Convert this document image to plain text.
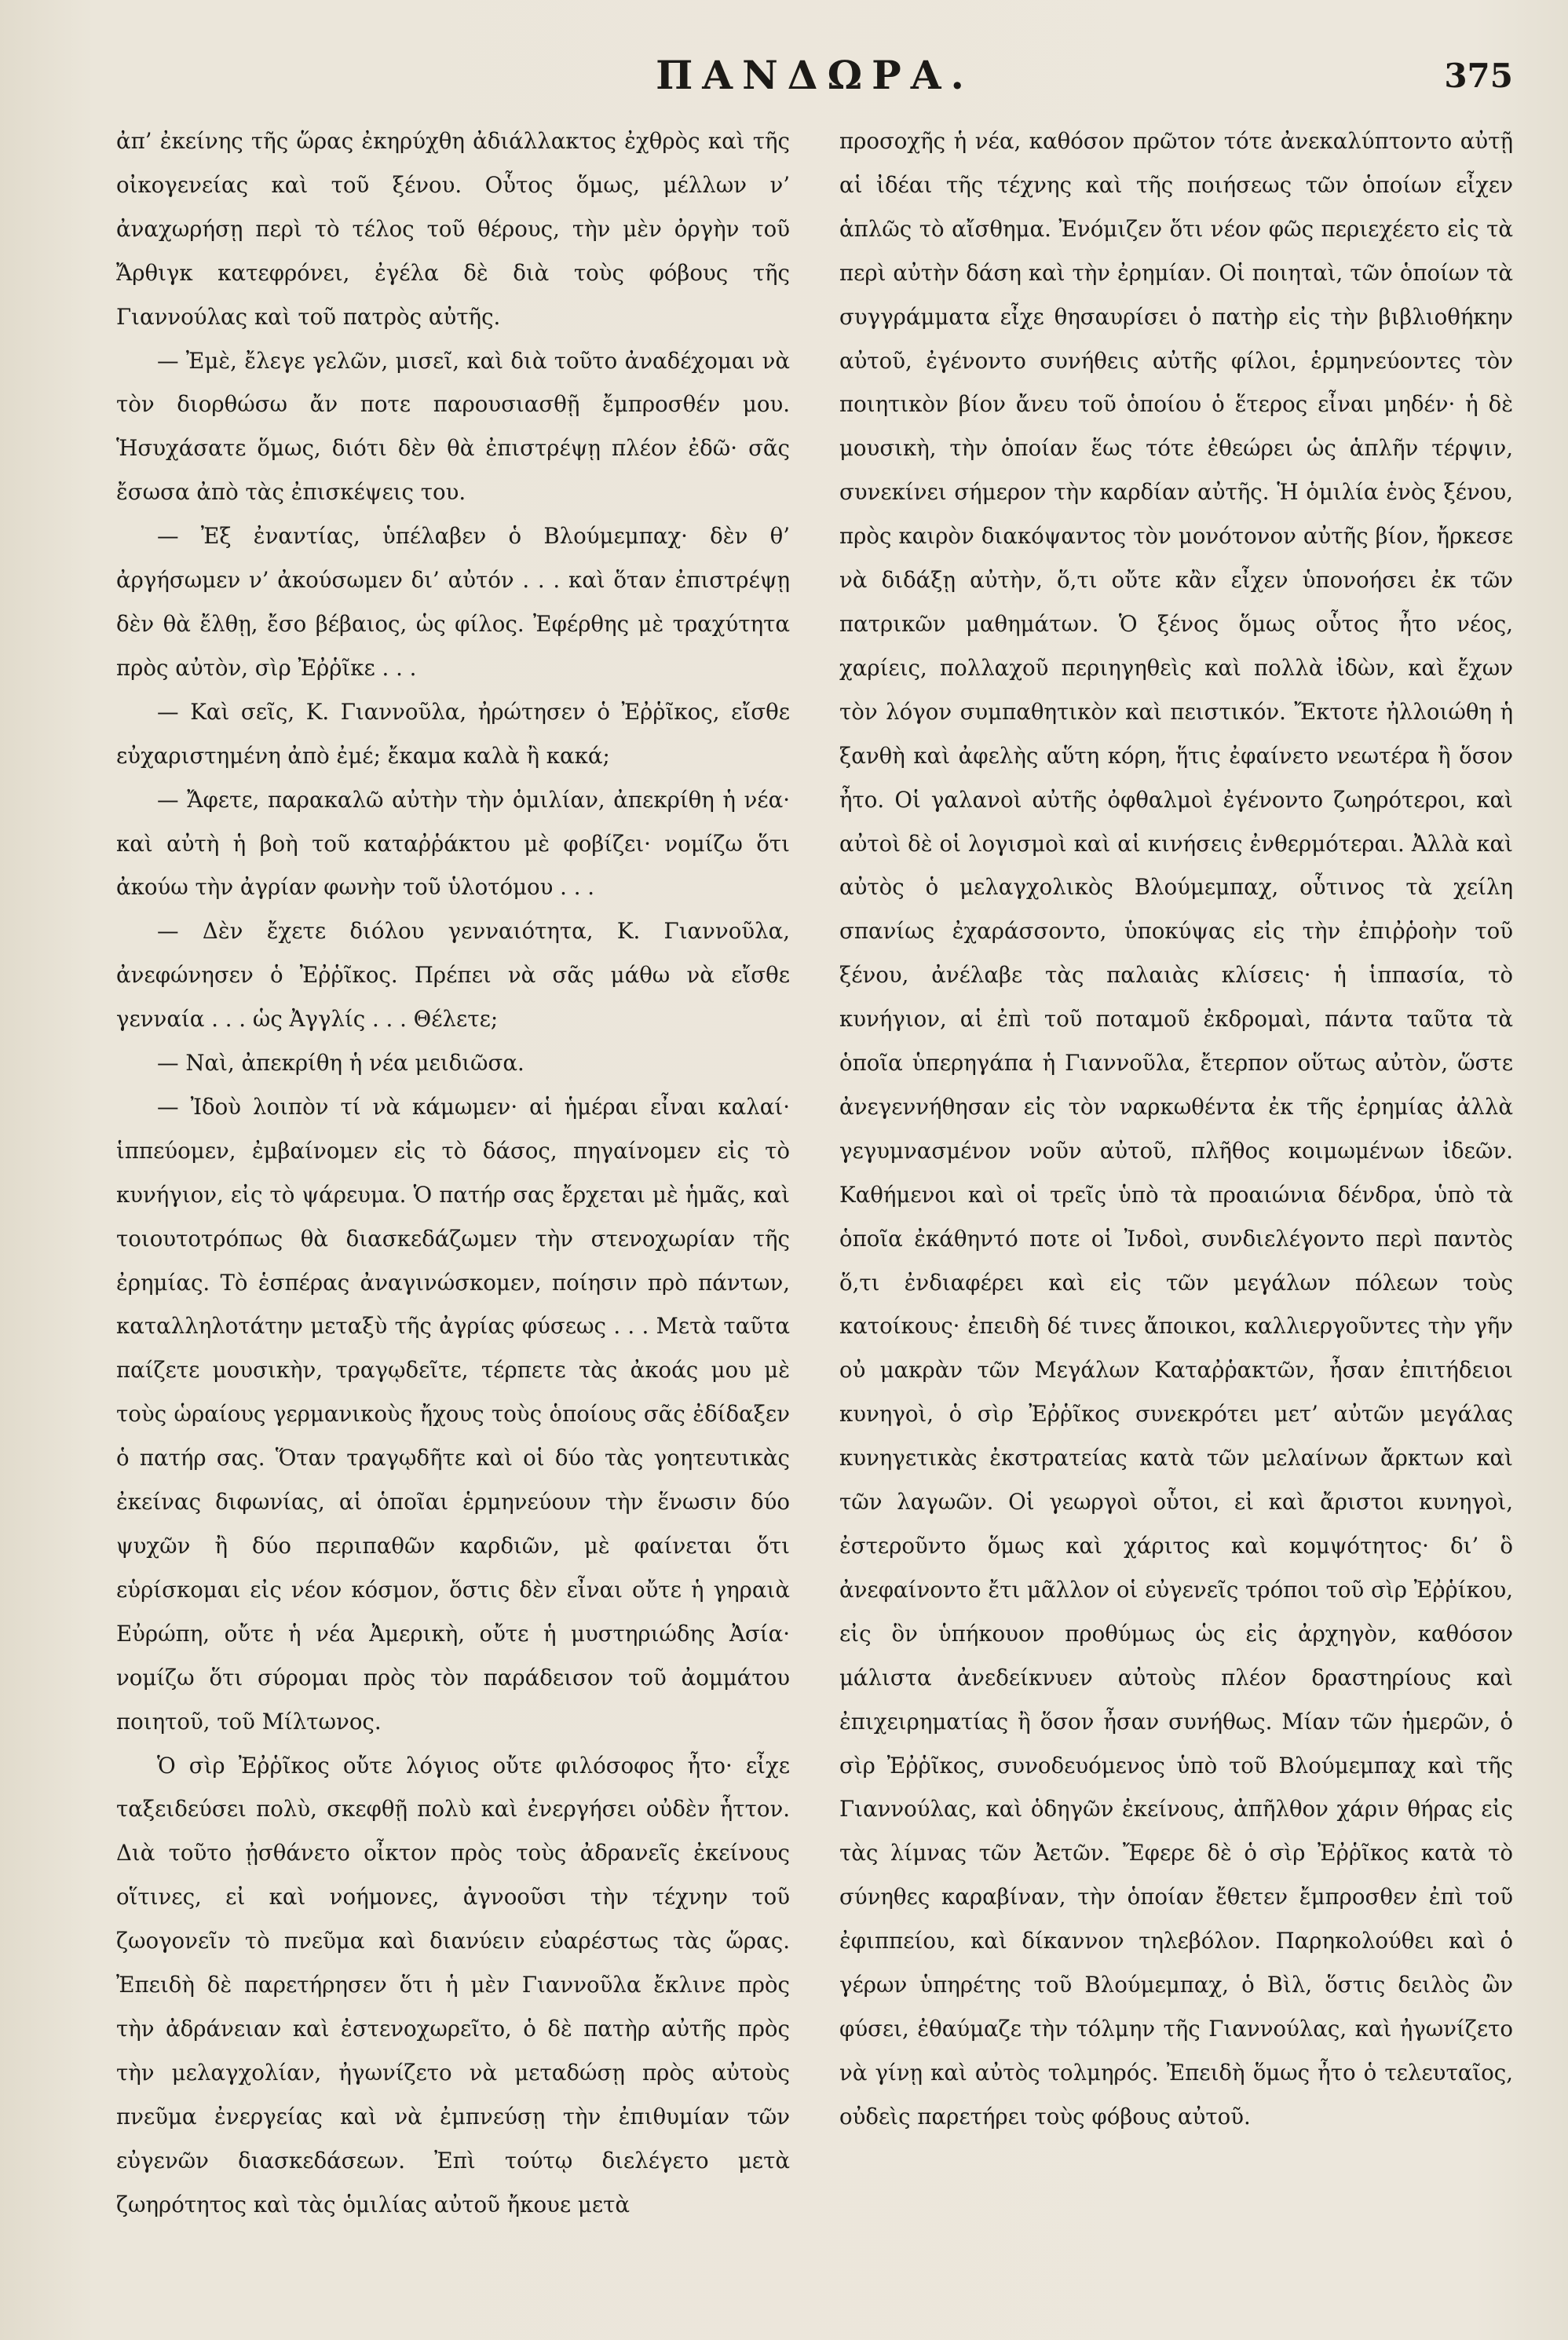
ΠΑΝΔΩΡΑ.	375

ἀπ’ ἐκείνης τῆς ὥρας ἐκηρύχθη ἀδιάλλακτος ἐχθρὸς καὶ τῆς οἰκογενείας καὶ τοῦ ξένου. Οὗτος ὅμως, μέλλων ν’ ἀναχωρήσῃ περὶ τὸ τέλος τοῦ θέρους, τὴν μὲν ὀργὴν τοῦ Ἄρθιγκ κατεφρόνει, ἐγέλα δὲ διὰ τοὺς φόβους τῆς Γιαννούλας καὶ τοῦ πατρὸς αὐτῆς.

— Ἐμὲ, ἔλεγε γελῶν, μισεῖ, καὶ διὰ τοῦτο ἀναδέχομαι νὰ τὸν διορθώσω ἄν ποτε παρουσιασθῇ ἔμπροσθέν μου. Ἡσυχάσατε ὅμως, διότι δὲν θὰ ἐπιστρέψῃ πλέον ἐδῶ· σᾶς ἔσωσα ἀπὸ τὰς ἐπισκέψεις του.

— Ἐξ ἐναντίας, ὑπέλαβεν ὁ Βλούμεμπαχ· δὲν θ’ ἀργήσωμεν ν’ ἀκούσωμεν δι’ αὐτόν . . . καὶ ὅταν ἐπιστρέψῃ δὲν θὰ ἔλθῃ, ἔσο βέβαιος, ὡς φίλος. Ἐφέρθης μὲ τραχύτητα πρὸς αὐτὸν, σὶρ Ἐῤῥῖκε . . .

— Καὶ σεῖς, Κ. Γιαννοῦλα, ἠρώτησεν ὁ Ἐῤῥῖκος, εἴσθε εὐχαριστημένη ἀπὸ ἐμέ; ἔκαμα καλὰ ἢ κακά;

— Ἄφετε, παρακαλῶ αὐτὴν τὴν ὁμιλίαν, ἀπεκρίθη ἡ νέα· καὶ αὐτὴ ἡ βοὴ τοῦ καταῤῥάκτου μὲ φοβίζει· νομίζω ὅτι ἀκούω τὴν ἀγρίαν φωνὴν τοῦ ὑλοτόμου . . .

— Δὲν ἔχετε διόλου γενναιότητα, Κ. Γιαννοῦλα, ἀνεφώνησεν ὁ Ἐῤῥῖκος. Πρέπει νὰ σᾶς μάθω νὰ εἴσθε γενναία . . . ὡς Ἀγγλίς . . . Θέλετε;

— Ναὶ, ἀπεκρίθη ἡ νέα μειδιῶσα.

— Ἰδοὺ λοιπὸν τί νὰ κάμωμεν· αἱ ἡμέραι εἶναι καλαί· ἱππεύομεν, ἐμβαίνομεν εἰς τὸ δάσος, πηγαίνομεν εἰς τὸ κυνήγιον, εἰς τὸ ψάρευμα. Ὁ πατήρ σας ἔρχεται μὲ ἡμᾶς, καὶ τοιουτοτρόπως θὰ διασκεδάζωμεν τὴν στενοχωρίαν τῆς ἐρημίας. Τὸ ἑσπέρας ἀναγινώσκομεν, ποίησιν πρὸ πάντων, καταλληλοτάτην μεταξὺ τῆς ἀγρίας φύσεως . . . Μετὰ ταῦτα παίζετε μουσικὴν, τραγῳδεῖτε, τέρπετε τὰς ἀκοάς μου μὲ τοὺς ὡραίους γερμανικοὺς ἤχους τοὺς ὁποίους σᾶς ἐδίδαξεν ὁ πατήρ σας. Ὅταν τραγῳδῆτε καὶ οἱ δύο τὰς γοητευτικὰς ἐκείνας διφωνίας, αἱ ὁποῖαι ἑρμηνεύουν τὴν ἕνωσιν δύο ψυχῶν ἢ δύο περιπαθῶν καρδιῶν, μὲ φαίνεται ὅτι εὑρίσκομαι εἰς νέον κόσμον, ὅστις δὲν εἶναι οὔτε ἡ γηραιὰ Εὐρώπη, οὔτε ἡ νέα Ἀμερικὴ, οὔτε ἡ μυστηριώδης Ἀσία· νομίζω ὅτι σύρομαι πρὸς τὸν παράδεισον τοῦ ἀομμάτου ποιητοῦ, τοῦ Μίλτωνος.

Ὁ σὶρ Ἐῤῥῖκος οὔτε λόγιος οὔτε φιλόσοφος ἦτο· εἶχε ταξειδεύσει πολὺ, σκεφθῇ πολὺ καὶ ἐνεργήσει οὐδὲν ἧττον. Διὰ τοῦτο ᾐσθάνετο οἶκτον πρὸς τοὺς ἀδρανεῖς ἐκείνους οἵτινες, εἰ καὶ νοήμονες, ἀγνοοῦσι τὴν τέχνην τοῦ ζωογονεῖν τὸ πνεῦμα καὶ διανύειν εὐαρέστως τὰς ὥρας. Ἐπειδὴ δὲ παρετήρησεν ὅτι ἡ μὲν Γιαννοῦλα ἔκλινε πρὸς τὴν ἀδράνειαν καὶ ἐστενοχωρεῖτο, ὁ δὲ πατὴρ αὐτῆς πρὸς τὴν μελαγχολίαν, ἠγωνίζετο νὰ μεταδώσῃ πρὸς αὐτοὺς πνεῦμα ἐνεργείας καὶ νὰ ἐμπνεύσῃ τὴν ἐπιθυμίαν τῶν εὐγενῶν διασκεδάσεων. Ἐπὶ τούτῳ διελέγετο μετὰ ζωηρότητος καὶ τὰς ὁμιλίας αὐτοῦ ἤκουε μετὰ

προσοχῆς ἡ νέα, καθόσον πρῶτον τότε ἀνεκαλύπτοντο αὐτῇ αἱ ἰδέαι τῆς τέχνης καὶ τῆς ποιήσεως τῶν ὁποίων εἶχεν ἁπλῶς τὸ αἴσθημα. Ἐνόμιζεν ὅτι νέον φῶς περιεχέετο εἰς τὰ περὶ αὐτὴν δάση καὶ τὴν ἐρημίαν. Οἱ ποιηταὶ, τῶν ὁποίων τὰ συγγράμματα εἶχε θησαυρίσει ὁ πατὴρ εἰς τὴν βιβλιοθήκην αὐτοῦ, ἐγένοντο συνήθεις αὐτῆς φίλοι, ἑρμηνεύοντες τὸν ποιητικὸν βίον ἄνευ τοῦ ὁποίου ὁ ἕτερος εἶναι μηδέν· ἡ δὲ μουσικὴ, τὴν ὁποίαν ἕως τότε ἐθεώρει ὡς ἁπλῆν τέρψιν, συνεκίνει σήμερον τὴν καρδίαν αὐτῆς. Ἡ ὁμιλία ἑνὸς ξένου, πρὸς καιρὸν διακόψαντος τὸν μονότονον αὐτῆς βίον, ἤρκεσε νὰ διδάξῃ αὐτὴν, ὅ,τι οὔτε κἂν εἶχεν ὑπονοήσει ἐκ τῶν πατρικῶν μαθημάτων. Ὁ ξένος ὅμως οὗτος ἦτο νέος, χαρίεις, πολλαχοῦ περιηγηθεὶς καὶ πολλὰ ἰδὼν, καὶ ἔχων τὸν λόγον συμπαθητικὸν καὶ πειστικόν. Ἔκτοτε ἠλλοιώθη ἡ ξανθὴ καὶ ἀφελὴς αὕτη κόρη, ἥτις ἐφαίνετο νεωτέρα ἢ ὅσον ἦτο. Οἱ γαλανοὶ αὐτῆς ὀφθαλμοὶ ἐγένοντο ζωηρότεροι, καὶ αὐτοὶ δὲ οἱ λογισμοὶ καὶ αἱ κινήσεις ἐνθερμότεραι. Ἀλλὰ καὶ αὐτὸς ὁ μελαγχολικὸς Βλούμεμπαχ, οὗτινος τὰ χείλη σπανίως ἐχαράσσοντο, ὑποκύψας εἰς τὴν ἐπιῤῥοὴν τοῦ ξένου, ἀνέλαβε τὰς παλαιὰς κλίσεις· ἡ ἱππασία, τὸ κυνήγιον, αἱ ἐπὶ τοῦ ποταμοῦ ἐκδρομαὶ, πάντα ταῦτα τὰ ὁποῖα ὑπερηγάπα ἡ Γιαννοῦλα, ἔτερπον οὕτως αὐτὸν, ὥστε ἀνεγεννήθησαν εἰς τὸν ναρκωθέντα ἐκ τῆς ἐρημίας ἀλλὰ γεγυμνασμένον νοῦν αὐτοῦ, πλῆθος κοιμωμένων ἰδεῶν. Καθήμενοι καὶ οἱ τρεῖς ὑπὸ τὰ προαιώνια δένδρα, ὑπὸ τὰ ὁποῖα ἐκάθηντό ποτε οἱ Ἰνδοὶ, συνδιελέγοντο περὶ παντὸς ὅ,τι ἐνδιαφέρει καὶ εἰς τῶν μεγάλων πόλεων τοὺς κατοίκους· ἐπειδὴ δέ τινες ἄποικοι, καλλιεργοῦντες τὴν γῆν οὐ μακρὰν τῶν Μεγάλων Καταῤῥακτῶν, ἦσαν ἐπιτήδειοι κυνηγοὶ, ὁ σὶρ Ἐῤῥῖκος συνεκρότει μετ’ αὐτῶν μεγάλας κυνηγετικὰς ἐκστρατείας κατὰ τῶν μελαίνων ἄρκτων καὶ τῶν λαγωῶν. Οἱ γεωργοὶ οὗτοι, εἰ καὶ ἄριστοι κυνηγοὶ, ἐστεροῦντο ὅμως καὶ χάριτος καὶ κομψότητος· δι’ ὃ ἀνεφαίνοντο ἔτι μᾶλλον οἱ εὐγενεῖς τρόποι τοῦ σὶρ Ἐῤῥίκου, εἰς ὃν ὑπήκουον προθύμως ὡς εἰς ἀρχηγὸν, καθόσον μάλιστα ἀνεδείκνυεν αὐτοὺς πλέον δραστηρίους καὶ ἐπιχειρηματίας ἢ ὅσον ἦσαν συνήθως. Μίαν τῶν ἡμερῶν, ὁ σὶρ Ἐῤῥῖκος, συνοδευόμενος ὑπὸ τοῦ Βλούμεμπαχ καὶ τῆς Γιαννούλας, καὶ ὁδηγῶν ἐκείνους, ἀπῆλθον χάριν θήρας εἰς τὰς λίμνας τῶν Ἀετῶν. Ἔφερε δὲ ὁ σὶρ Ἐῤῥῖκος κατὰ τὸ σύνηθες καραβίναν, τὴν ὁποίαν ἔθετεν ἔμπροσθεν ἐπὶ τοῦ ἐφιππείου, καὶ δίκαννον τηλεβόλον. Παρηκολούθει καὶ ὁ γέρων ὑπηρέτης τοῦ Βλούμεμπαχ, ὁ Βὶλ, ὅστις δειλὸς ὢν φύσει, ἐθαύμαζε τὴν τόλμην τῆς Γιαννούλας, καὶ ἠγωνίζετο νὰ γίνῃ καὶ αὐτὸς τολμηρός. Ἐπειδὴ ὅμως ἦτο ὁ τελευταῖος, οὐδεὶς παρετήρει τοὺς φόβους αὐτοῦ.
